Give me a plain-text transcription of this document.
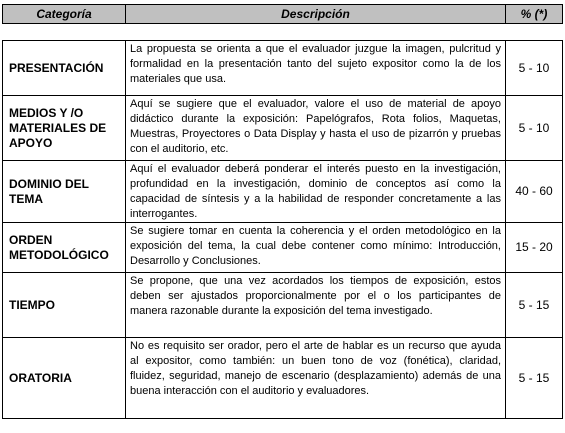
Categoría	Descripción	% (*)
PRESENTACIÓN	La propuesta se orienta a que el evaluador juzgue la imagen, pulcritud y formalidad en la presentación tanto del sujeto expositor como la de los materiales que usa.	5 - 10
MEDIOS Y /O MATERIALES DE APOYO	Aquí se sugiere que el evaluador, valore el uso de material de apoyo didáctico durante la exposición: Papelógrafos, Rota folios, Maquetas, Muestras, Proyectores o Data Display y hasta el uso de pizarrón y pruebas con el auditorio, etc.	5 - 10
DOMINIO DEL TEMA	Aquí el evaluador deberá ponderar el interés puesto en la investigación, profundidad en la investigación, dominio de conceptos así como la capacidad de síntesis y a la habilidad de responder concretamente a las interrogantes.	40 - 60
ORDEN METODOLÓGICO	Se sugiere tomar en cuenta la coherencia y el orden metodológico en la exposición del tema, la cual debe contener como mínimo: Introducción, Desarrollo y Conclusiones.	15 - 20
TIEMPO	Se propone, que una vez acordados los tiempos de exposición, estos deben ser ajustados proporcionalmente por el o los participantes de manera razonable durante la exposición del tema investigado.	5 - 15
ORATORIA	No es requisito ser orador, pero el arte de hablar es un recurso que ayuda al expositor, como también: un buen tono de voz (fonética), claridad, fluidez, seguridad, manejo de escenario (desplazamiento) además de una buena interacción con el auditorio y evaluadores.	5 - 15
